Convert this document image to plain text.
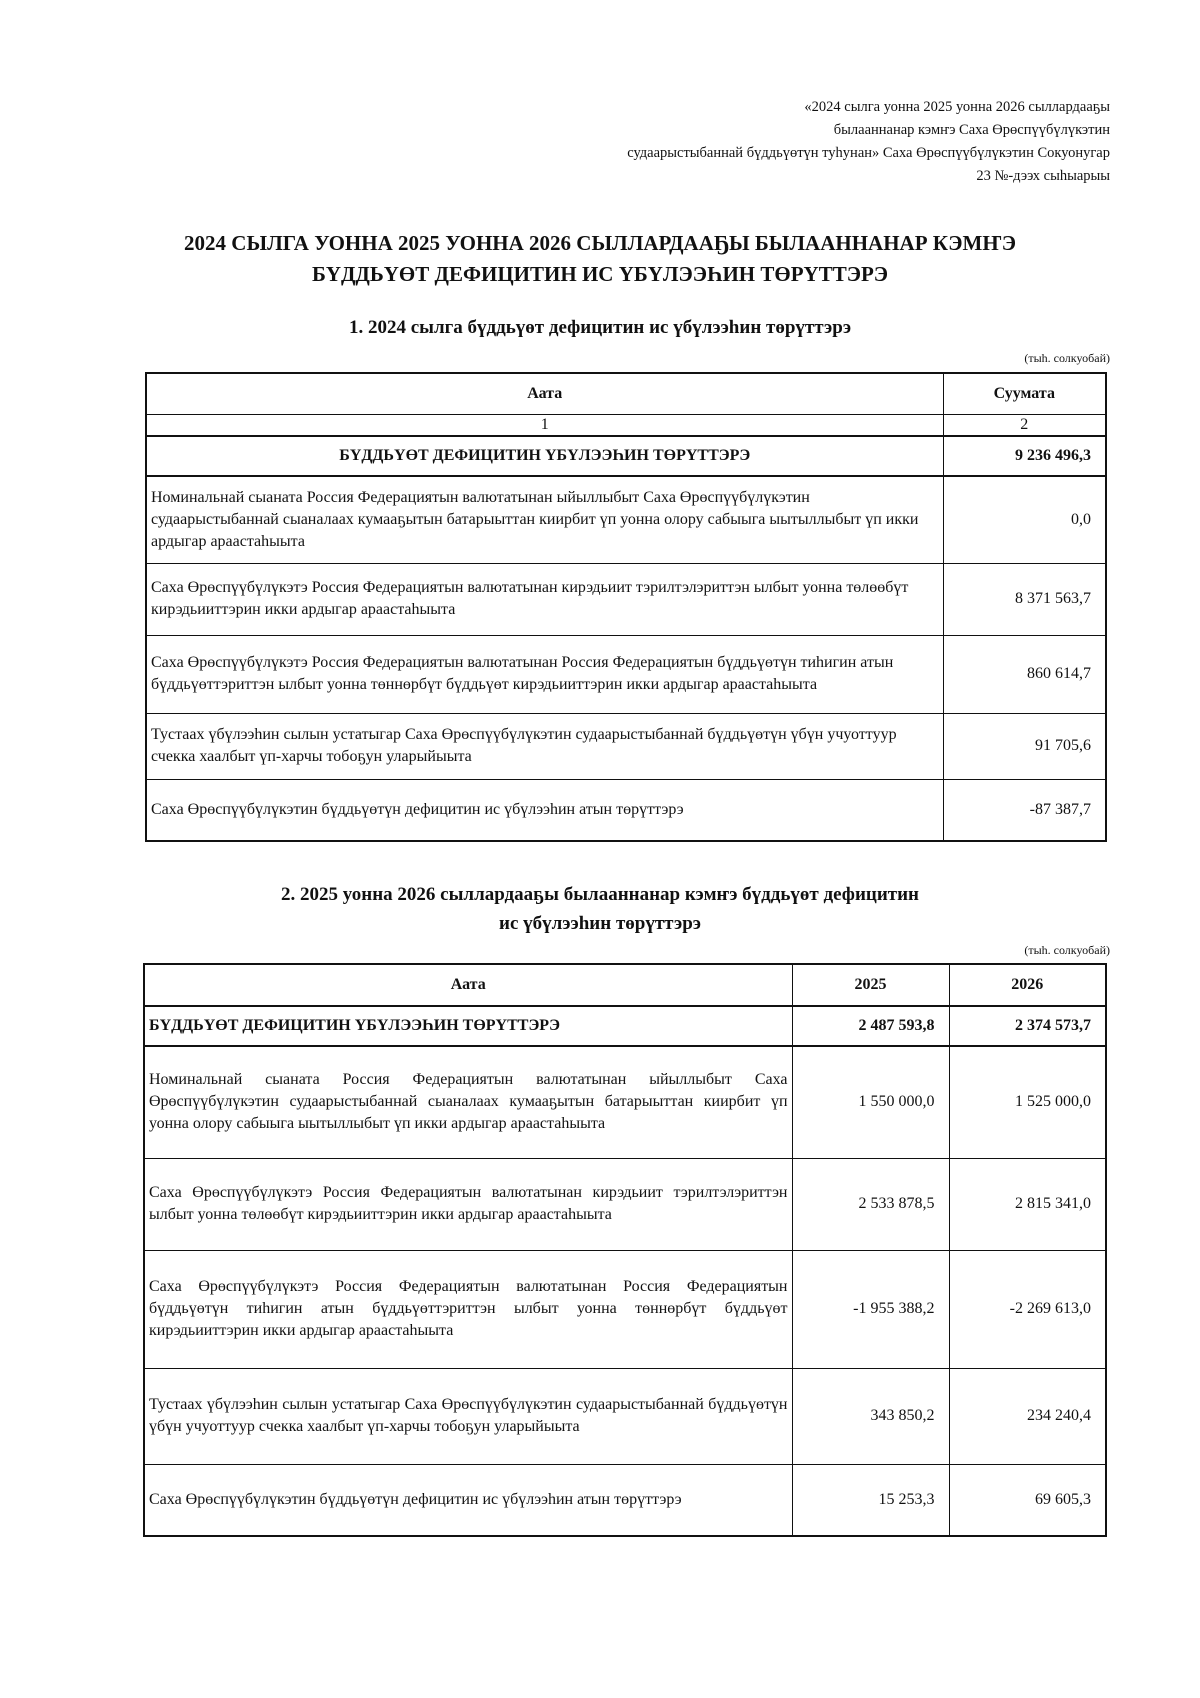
«2024 сылга уонна 2025 уонна 2026 сыллардааҕы
былааннанар кэмҥэ Саха Өрөспүүбүлүкэтин
судаарыстыбаннай бүддьүөтүн туһунан» Саха Өрөспүүбүлүкэтин Сокуонугар
23 №-дээх сыһыарыы
2024 СЫЛГА УОННА 2025 УОННА 2026 СЫЛЛАРДААҔЫ БЫЛААННАНАР КЭМҤЭ
БҮДДЬҮӨТ ДЕФИЦИТИН ИС ҮБҮЛЭЭҺИН ТӨРҮТТЭРЭ
1. 2024 сылга бүддьүөт дефицитин ис үбүлээһин төрүттэрэ
(тыһ. солкуобай)
Аата	Суумата
1	2
БҮДДЬҮӨТ ДЕФИЦИТИН ҮБҮЛЭЭҺИН ТӨРҮТТЭРЭ	9 236 496,3
Номинальнай сыаната Россия Федерациятын валютатынан ыйыллыбыт Саха Өрөспүүбүлүкэтин судаарыстыбаннай сыаналаах кумааҕытын батарыыттан киирбит үп уонна олору сабыыга ыытыллыбыт үп икки ардыгар араастаһыыта	0,0
Саха Өрөспүүбүлүкэтэ Россия Федерациятын валютатынан кирэдьиит тэрилтэлэриттэн ылбыт уонна төлөөбүт кирэдьииттэрин икки ардыгар араастаһыыта	8 371 563,7
Саха Өрөспүүбүлүкэтэ Россия Федерациятын валютатынан Россия Федерациятын бүддьүөтүн тиһигин атын бүддьүөттэриттэн ылбыт уонна төннөрбүт бүддьүөт кирэдьииттэрин икки ардыгар араастаһыыта	860 614,7
Тустаах үбүлээһин сылын устатыгар Саха Өрөспүүбүлүкэтин судаарыстыбаннай бүддьүөтүн үбүн учуоттуур счекка хаалбыт үп-харчы тобоҕун уларыйыыта	91 705,6
Саха Өрөспүүбүлүкэтин бүддьүөтүн дефицитин ис үбүлээһин атын төрүттэрэ	-87 387,7
2. 2025 уонна 2026 сыллардааҕы былааннанар кэмҥэ бүддьүөт дефицитин
ис үбүлээһин төрүттэрэ
(тыһ. солкуобай)
Аата	2025	2026
БҮДДЬҮӨТ ДЕФИЦИТИН ҮБҮЛЭЭҺИН ТӨРҮТТЭРЭ	2 487 593,8	2 374 573,7
Номинальнай сыаната Россия Федерациятын валютатынан ыйыллыбыт Саха Өрөспүүбүлүкэтин судаарыстыбаннай сыаналаах кумааҕытын батарыыттан киирбит үп уонна олору сабыыга ыытыллыбыт үп икки ардыгар араастаһыыта	1 550 000,0	1 525 000,0
Саха Өрөспүүбүлүкэтэ Россия Федерациятын валютатынан кирэдьиит тэрилтэлэриттэн ылбыт уонна төлөөбүт кирэдьииттэрин икки ардыгар араастаһыыта	2 533 878,5	2 815 341,0
Саха Өрөспүүбүлүкэтэ Россия Федерациятын валютатынан Россия Федерациятын бүддьүөтүн тиһигин атын бүддьүөттэриттэн ылбыт уонна төннөрбүт бүддьүөт кирэдьииттэрин икки ардыгар араастаһыыта	-1 955 388,2	-2 269 613,0
Тустаах үбүлээһин сылын устатыгар Саха Өрөспүүбүлүкэтин судаарыстыбаннай бүддьүөтүн үбүн учуоттуур счекка хаалбыт үп-харчы тобоҕун уларыйыыта	343 850,2	234 240,4
Саха Өрөспүүбүлүкэтин бүддьүөтүн дефицитин ис үбүлээһин атын төрүттэрэ	15 253,3	69 605,3
